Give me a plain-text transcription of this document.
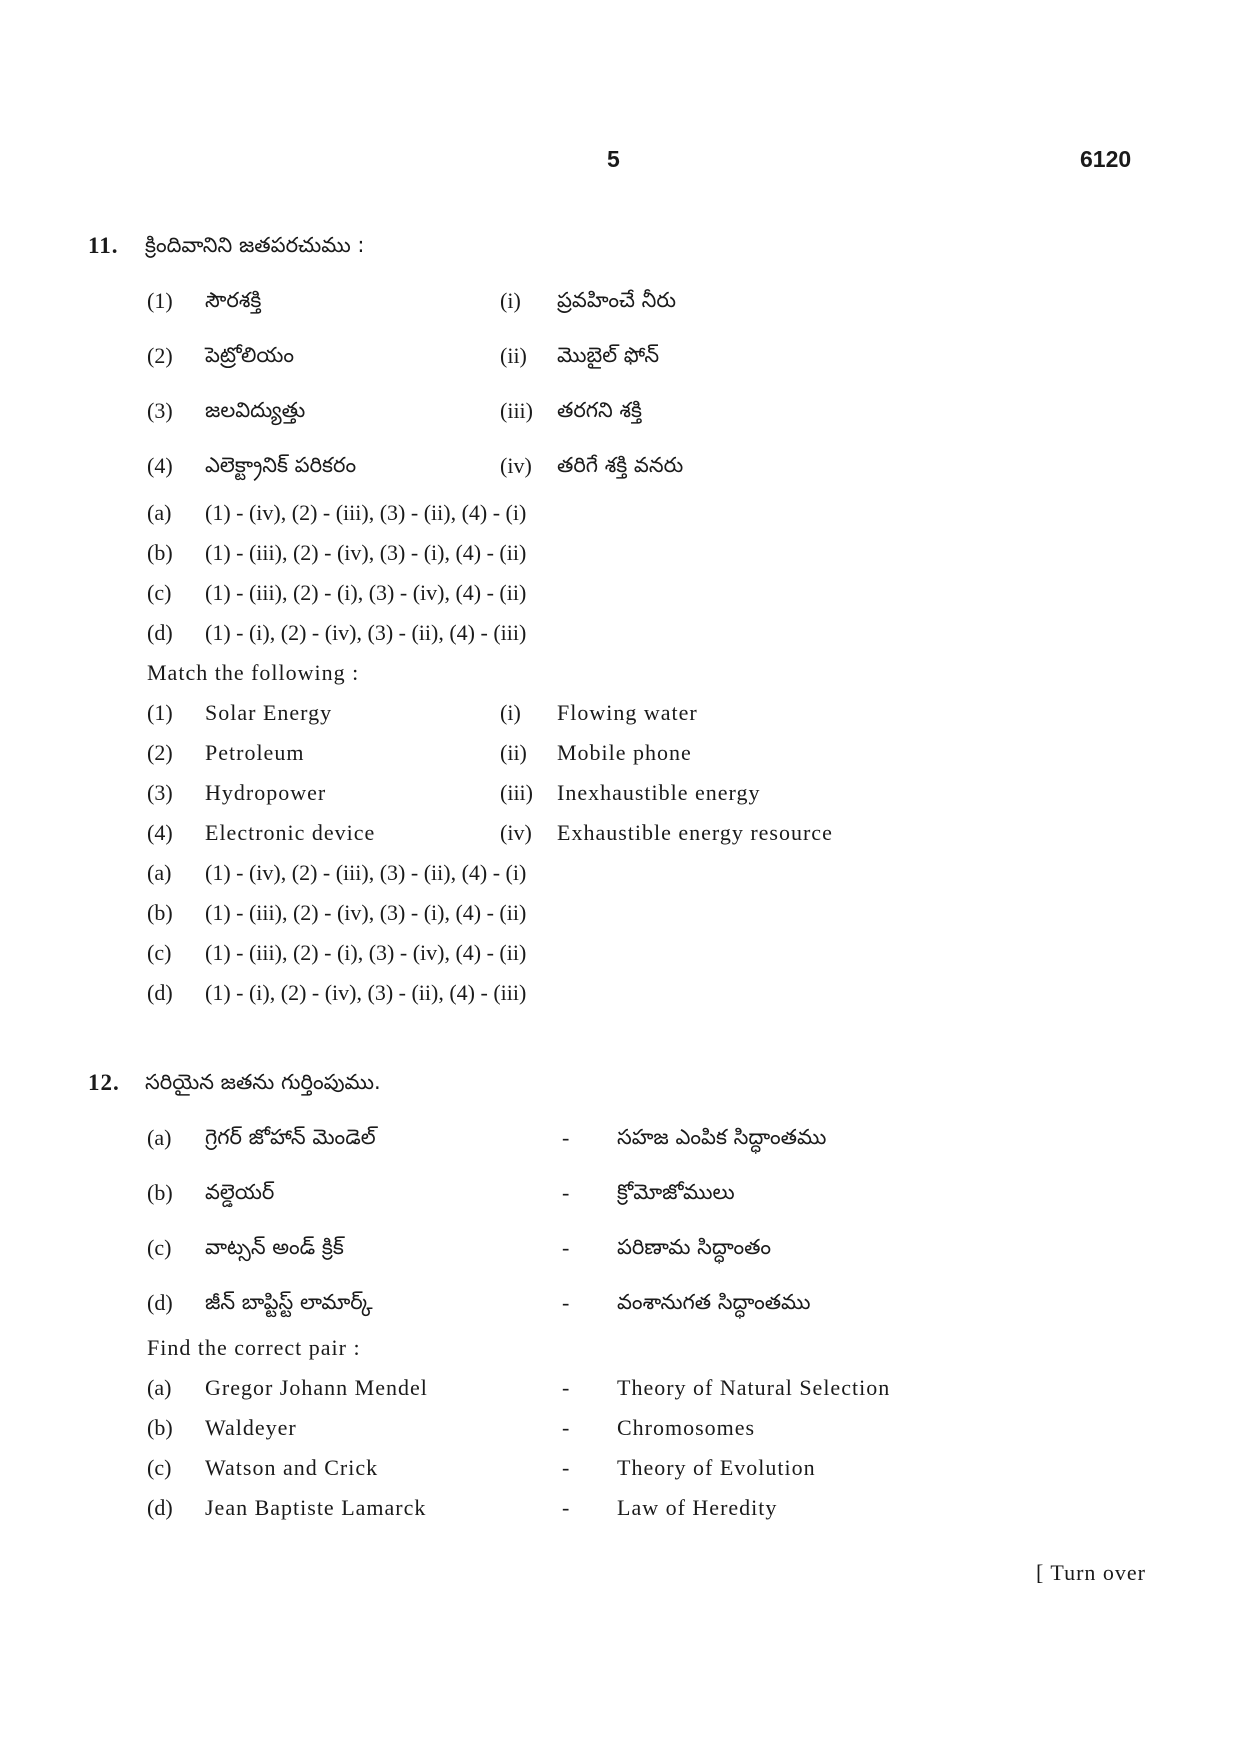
5	6120
11. క్రిందివానిని జతపరచుము :
(1) సౌరశక్తి	(i) ప్రవహించే నీరు
(2) పెట్రోలియం	(ii) మొబైల్ ఫోన్
(3) జలవిద్యుత్తు	(iii) తరగని శక్తి
(4) ఎలెక్ట్రానిక్ పరికరం	(iv) తరిగే శక్తి వనరు
(a) (1) - (iv), (2) - (iii), (3) - (ii), (4) - (i)
(b) (1) - (iii), (2) - (iv), (3) - (i), (4) - (ii)
(c) (1) - (iii), (2) - (i), (3) - (iv), (4) - (ii)
(d) (1) - (i), (2) - (iv), (3) - (ii), (4) - (iii)
Match the following :
(1) Solar Energy	(i) Flowing water
(2) Petroleum	(ii) Mobile phone
(3) Hydropower	(iii) Inexhaustible energy
(4) Electronic device	(iv) Exhaustible energy resource
(a) (1) - (iv), (2) - (iii), (3) - (ii), (4) - (i)
(b) (1) - (iii), (2) - (iv), (3) - (i), (4) - (ii)
(c) (1) - (iii), (2) - (i), (3) - (iv), (4) - (ii)
(d) (1) - (i), (2) - (iv), (3) - (ii), (4) - (iii)
12. సరియైన జతను గుర్తింపుము.
(a) గ్రెగర్ జోహాన్ మెండెల్	- సహజ ఎంపిక సిద్ధాంతము
(b) వల్డెయర్	- క్రోమోజోములు
(c) వాట్సన్ అండ్ క్రిక్	- పరిణామ సిద్ధాంతం
(d) జీన్ బాప్టిస్ట్ లామార్క్	- వంశానుగత సిద్ధాంతము
Find the correct pair :
(a) Gregor Johann Mendel	- Theory of Natural Selection
(b) Waldeyer	- Chromosomes
(c) Watson and Crick	- Theory of Evolution
(d) Jean Baptiste Lamarck	- Law of Heredity
[ Turn over
